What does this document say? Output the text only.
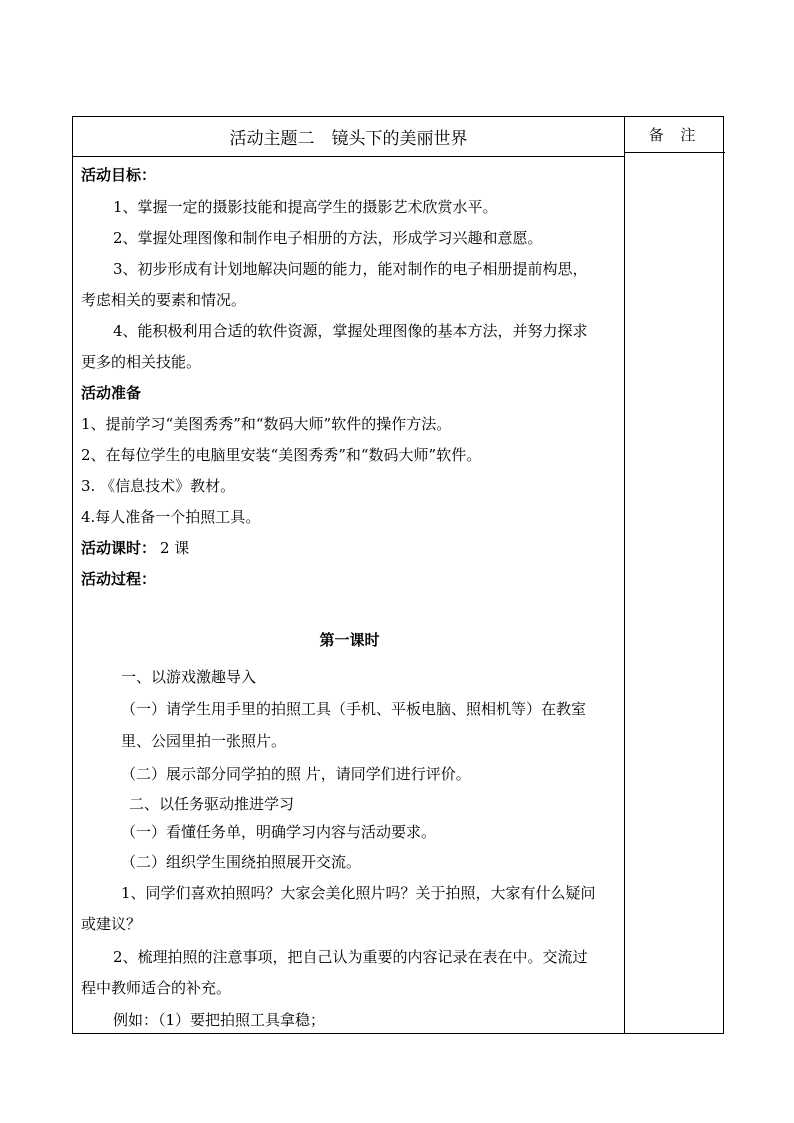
活动主题二　镜头下的美丽世界	备 注
活动目标：
1、掌握一定的摄影技能和提高学生的摄影艺术欣赏水平。
2、掌握处理图像和制作电子相册的方法，形成学习兴趣和意愿。
3、初步形成有计划地解决问题的能力，能对制作的电子相册提前构思，
考虑相关的要素和情况。
4、能积极利用合适的软件资源，掌握处理图像的基本方法，并努力探求
更多的相关技能。
活动准备
1、提前学习“美图秀秀”和“数码大师”软件的操作方法。
2、在每位学生的电脑里安装“美图秀秀”和“数码大师”软件。
3. 《信息技术》教材。
4.每人准备一个拍照工具。
活动课时： 2 课
活动过程：
第一课时
一、以游戏激趣导入
（一）请学生用手里的拍照工具（手机、平板电脑、照相机等）在教室
里、公园里拍一张照片。
（二）展示部分同学拍的照 片，请同学们进行评价。
二、以任务驱动推进学习
（一）看懂任务单，明确学习内容与活动要求。
（二）组织学生围绕拍照展开交流。
1、同学们喜欢拍照吗？大家会美化照片吗？关于拍照，大家有什么疑问
或建议？
2、梳理拍照的注意事项，把自己认为重要的内容记录在表在中。交流过
程中教师适合的补充。
例如：（1）要把拍照工具拿稳；
